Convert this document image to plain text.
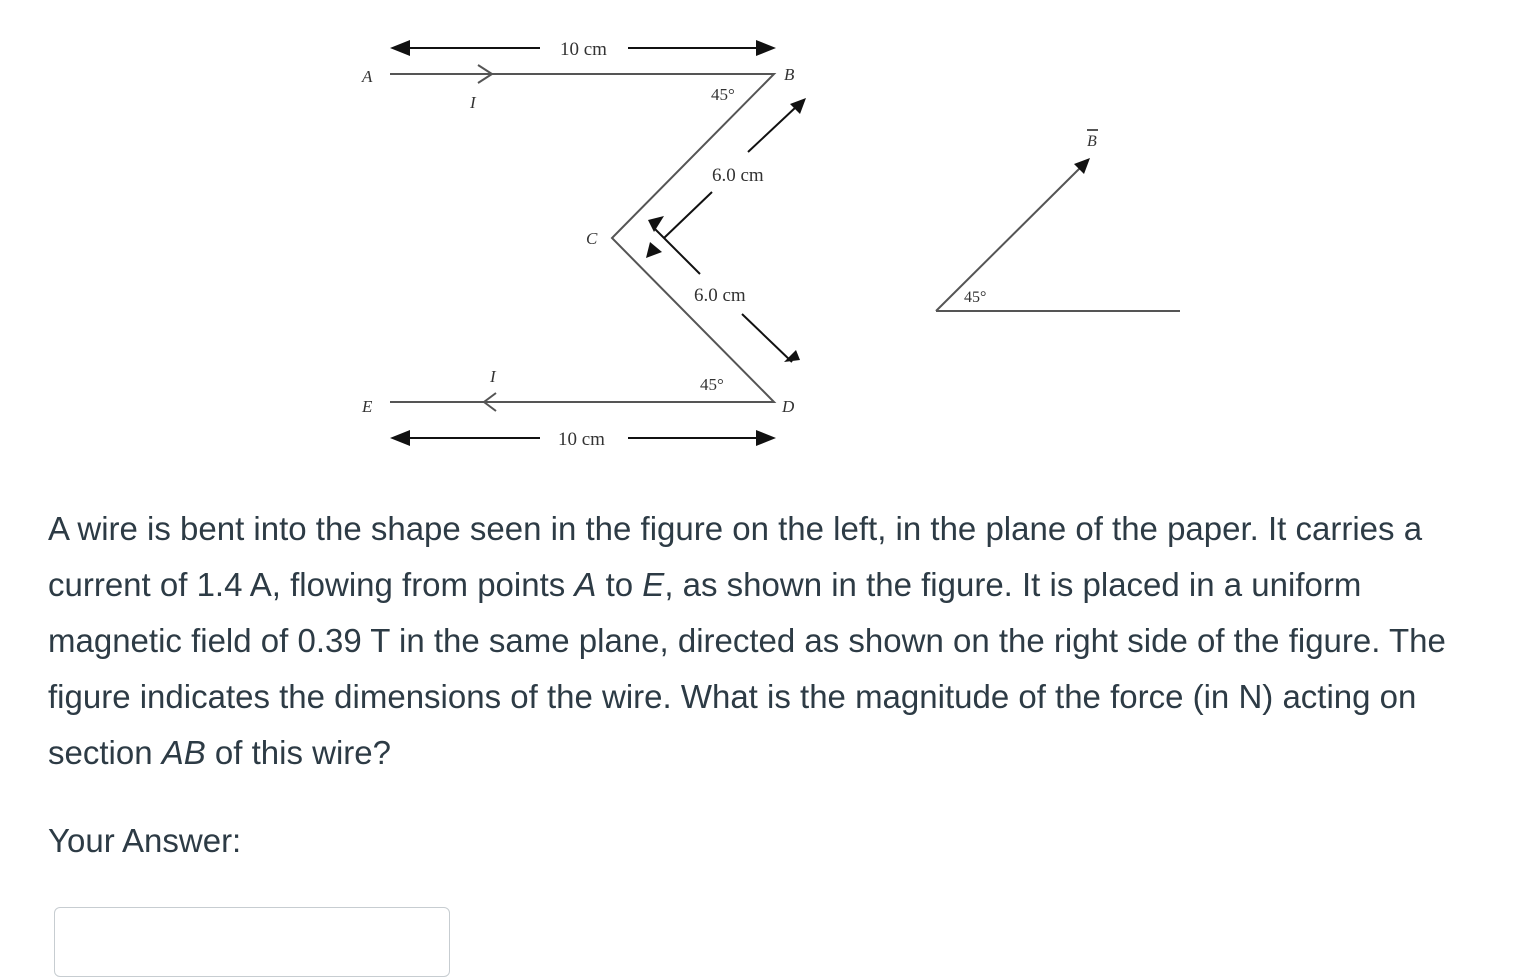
10 cm
A	B
C
D
E
I
I
45°
45°
6.0 cm
6.0 cm
10 cm
B
45°

A wire is bent into the shape seen in the figure on the left, in the plane of the paper. It carries a current of 1.4 A, flowing from points A to E, as shown in the figure. It is placed in a uniform magnetic field of 0.39 T in the same plane, directed as shown on the right side of the figure. The figure indicates the dimensions of the wire. What is the magnitude of the force (in N) acting on section AB of this wire?

Your Answer:
